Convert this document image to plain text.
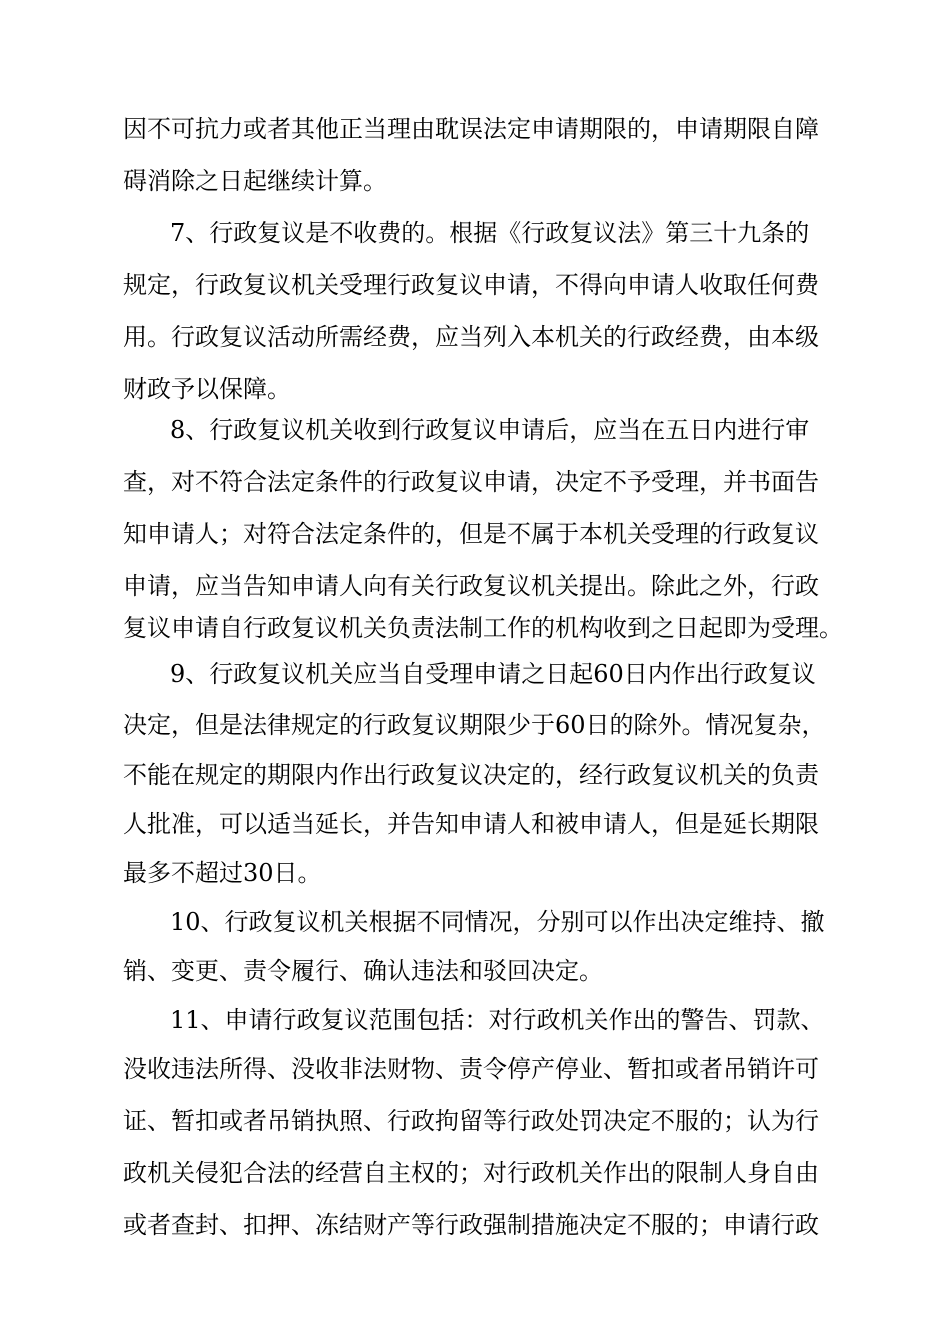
因不可抗力或者其他正当理由耽误法定申请期限的，申请期限自障
碍消除之日起继续计算。
7、行政复议是不收费的。根据《行政复议法》第三十九条的
规定，行政复议机关受理行政复议申请，不得向申请人收取任何费
用。行政复议活动所需经费，应当列入本机关的行政经费，由本级
财政予以保障。
8、行政复议机关收到行政复议申请后，应当在五日内进行审
查，对不符合法定条件的行政复议申请，决定不予受理，并书面告
知申请人；对符合法定条件的，但是不属于本机关受理的行政复议
申请，应当告知申请人向有关行政复议机关提出。除此之外，行政
复议申请自行政复议机关负责法制工作的机构收到之日起即为受理。
9、行政复议机关应当自受理申请之日起60日内作出行政复议
决定，但是法律规定的行政复议期限少于60日的除外。情况复杂，
不能在规定的期限内作出行政复议决定的，经行政复议机关的负责
人批准，可以适当延长，并告知申请人和被申请人，但是延长期限
最多不超过30日。
10、行政复议机关根据不同情况，分别可以作出决定维持、撤
销、变更、责令履行、确认违法和驳回决定。
11、申请行政复议范围包括：对行政机关作出的警告、罚款、
没收违法所得、没收非法财物、责令停产停业、暂扣或者吊销许可
证、暂扣或者吊销执照、行政拘留等行政处罚决定不服的；认为行
政机关侵犯合法的经营自主权的；对行政机关作出的限制人身自由
或者查封、扣押、冻结财产等行政强制措施决定不服的；申请行政
